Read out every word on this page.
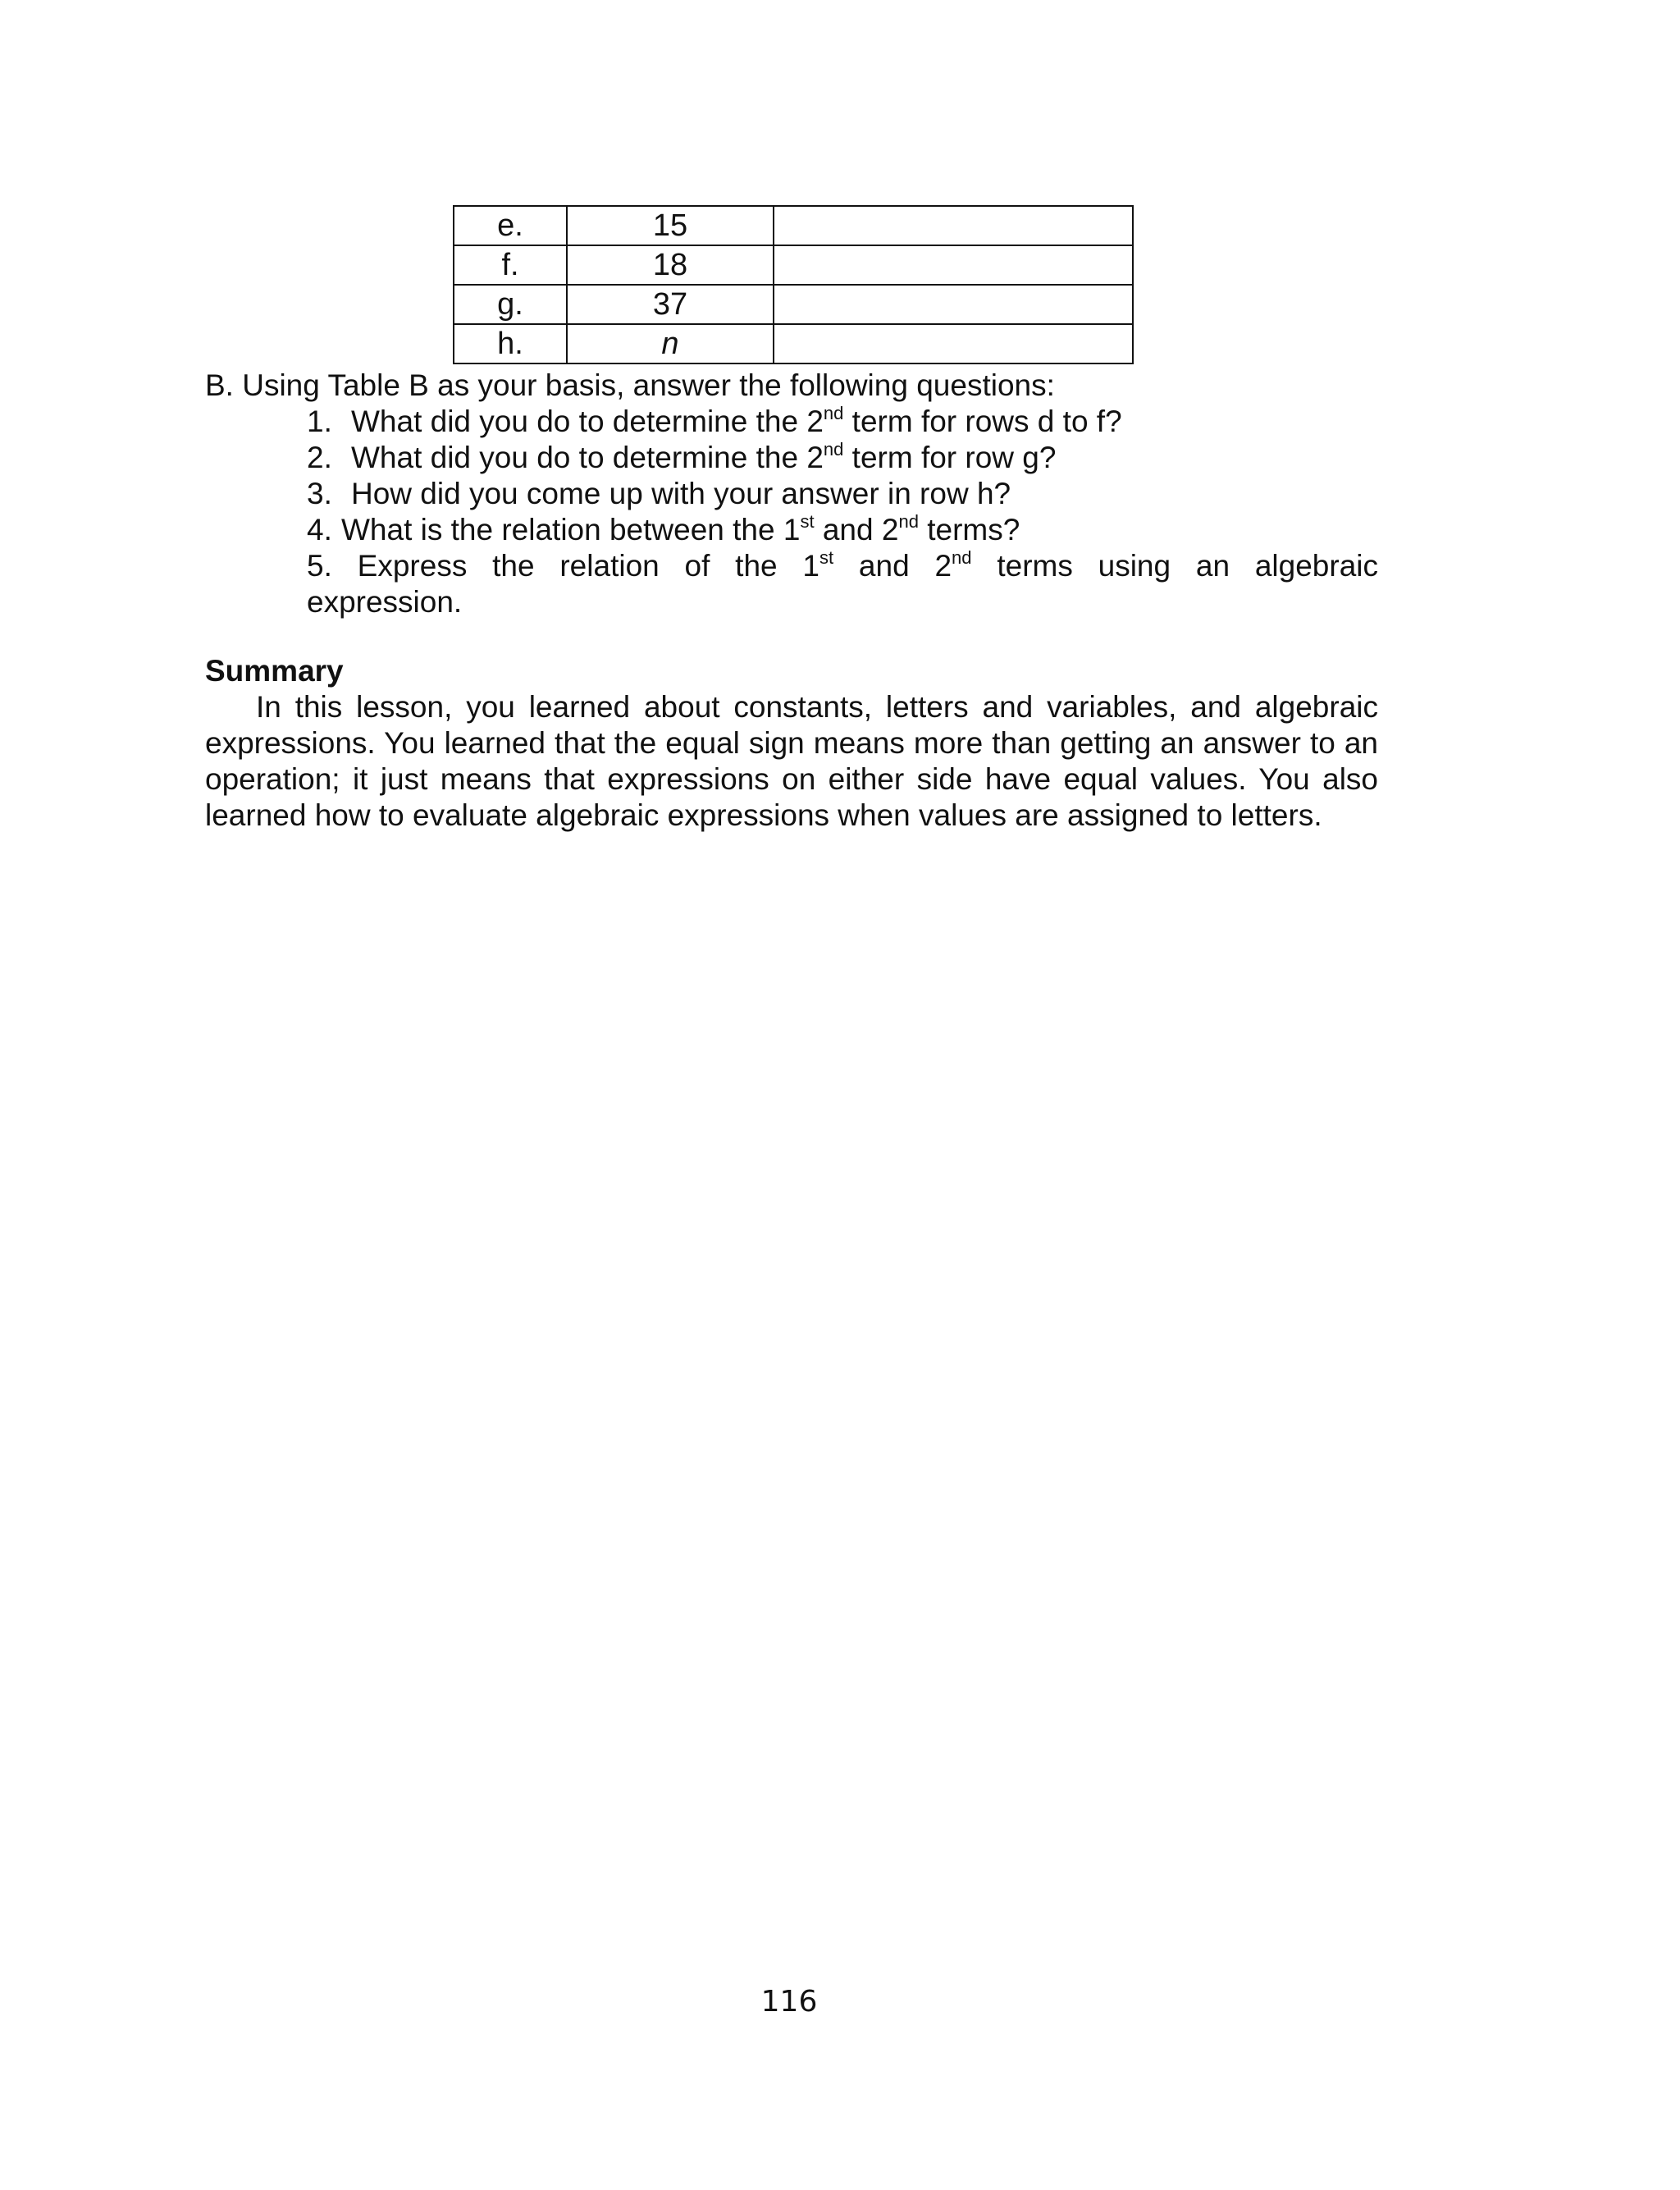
e.	15	
f.	18	
g.	37	
h.	n	
B. Using Table B as your basis, answer the following questions:
1. What did you do to determine the 2nd term for rows d to f?
2. What did you do to determine the 2nd term for row g?
3. How did you come up with your answer in row h?
4. What is the relation between the 1st and 2nd terms?
5. Express the relation of the 1st and 2nd terms using an algebraic
expression.
Summary

In this lesson, you learned about constants, letters and variables, and algebraic expressions. You learned that the equal sign means more than getting an answer to an operation; it just means that expressions on either side have equal values. You also learned how to evaluate algebraic expressions when values are assigned to letters.

116
